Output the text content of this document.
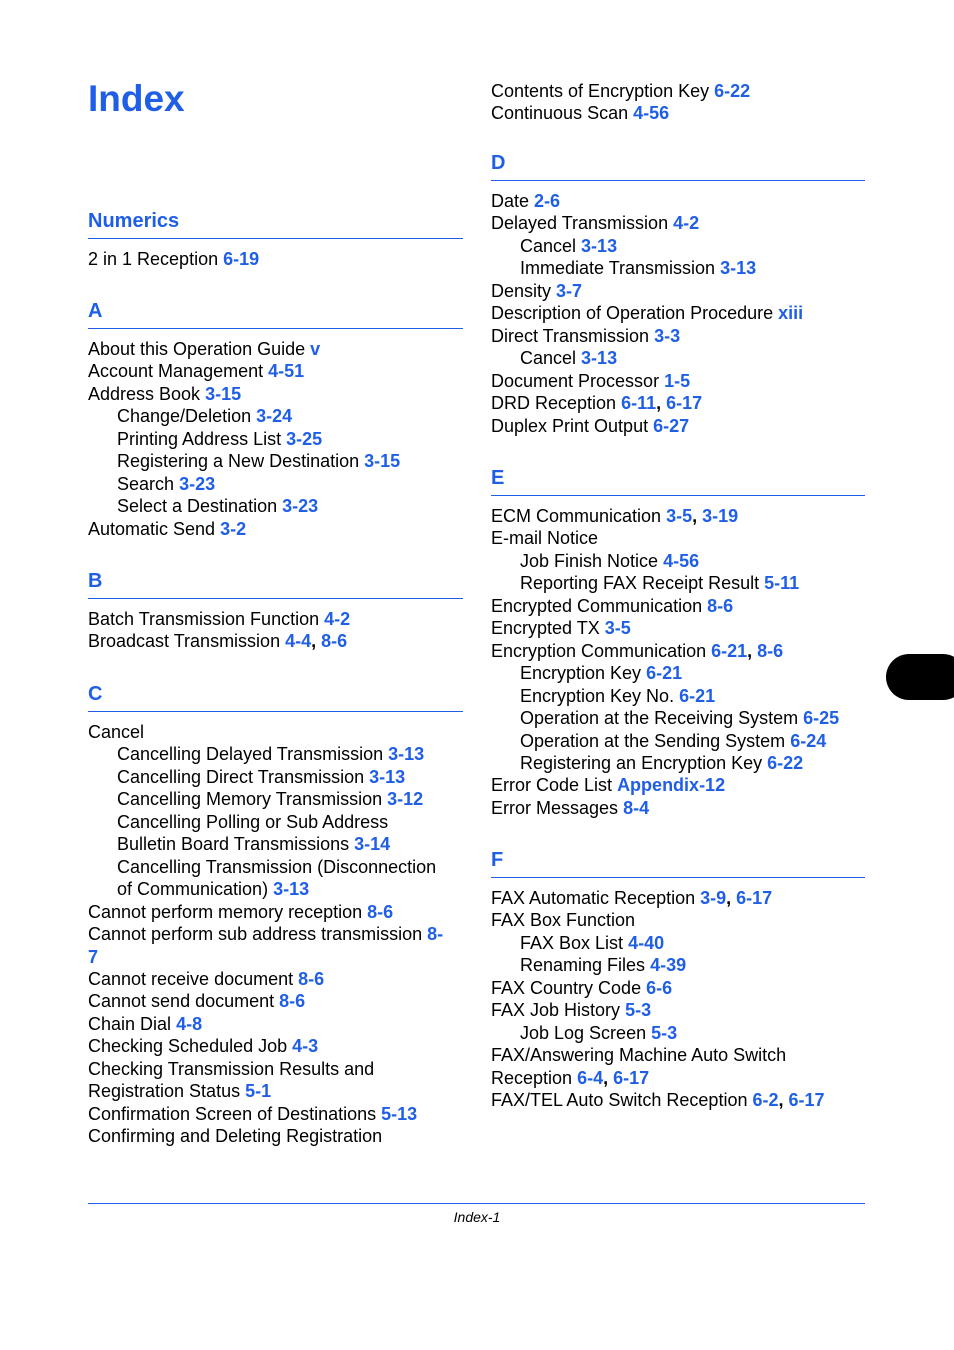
Index
Numerics
2 in 1 Reception 6-19
A
About this Operation Guide v
Account Management 4-51
Address Book 3-15
Change/Deletion 3-24
Printing Address List 3-25
Registering a New Destination 3-15
Search 3-23
Select a Destination 3-23
Automatic Send 3-2
B
Batch Transmission Function 4-2
Broadcast Transmission 4-4, 8-6
C
Cancel
Cancelling Delayed Transmission 3-13
Cancelling Direct Transmission 3-13
Cancelling Memory Transmission 3-12
Cancelling Polling or Sub Address
Bulletin Board Transmissions 3-14
Cancelling Transmission (Disconnection
of Communication) 3-13
Cannot perform memory reception 8-6
Cannot perform sub address transmission 8-
7
Cannot receive document 8-6
Cannot send document 8-6
Chain Dial 4-8
Checking Scheduled Job 4-3
Checking Transmission Results and
Registration Status 5-1
Confirmation Screen of Destinations 5-13
Confirming and Deleting Registration
Contents of Encryption Key 6-22
Continuous Scan 4-56
D
Date 2-6
Delayed Transmission 4-2
Cancel 3-13
Immediate Transmission 3-13
Density 3-7
Description of Operation Procedure xiii
Direct Transmission 3-3
Cancel 3-13
Document Processor 1-5
DRD Reception 6-11, 6-17
Duplex Print Output 6-27
E
ECM Communication 3-5, 3-19
E-mail Notice
Job Finish Notice 4-56
Reporting FAX Receipt Result 5-11
Encrypted Communication 8-6
Encrypted TX 3-5
Encryption Communication 6-21, 8-6
Encryption Key 6-21
Encryption Key No. 6-21
Operation at the Receiving System 6-25
Operation at the Sending System 6-24
Registering an Encryption Key 6-22
Error Code List Appendix-12
Error Messages 8-4
F
FAX Automatic Reception 3-9, 6-17
FAX Box Function
FAX Box List 4-40
Renaming Files 4-39
FAX Country Code 6-6
FAX Job History 5-3
Job Log Screen 5-3
FAX/Answering Machine Auto Switch
Reception 6-4, 6-17
FAX/TEL Auto Switch Reception 6-2, 6-17
Index-1
